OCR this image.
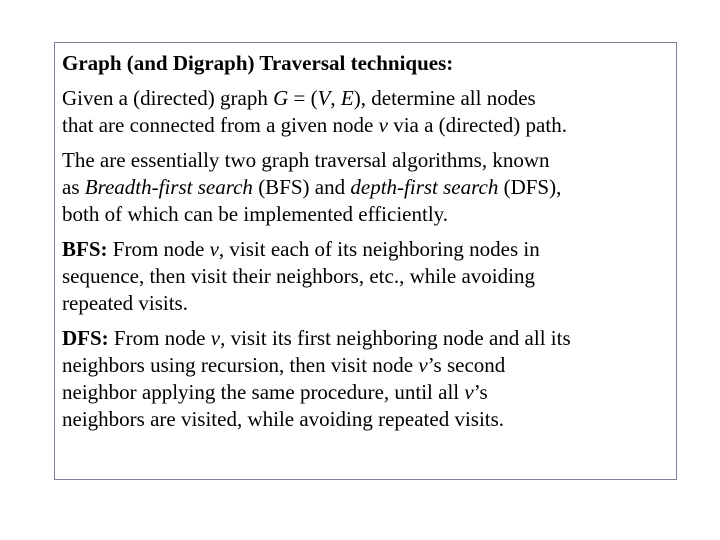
Graph (and Digraph) Traversal techniques:

Given a (directed) graph G = (V, E), determine all nodes
that are connected from a given node v via a (directed) path.

The are essentially two graph traversal algorithms, known
as Breadth-first search (BFS) and depth-first search (DFS),
both of which can be implemented efficiently.

BFS: From node v, visit each of its neighboring nodes in
sequence, then visit their neighbors, etc., while avoiding
repeated visits.

DFS: From node v, visit its first neighboring node and all its
neighbors using recursion, then visit node v’s second
neighbor applying the same procedure, until all v’s
neighbors are visited, while avoiding repeated visits.
